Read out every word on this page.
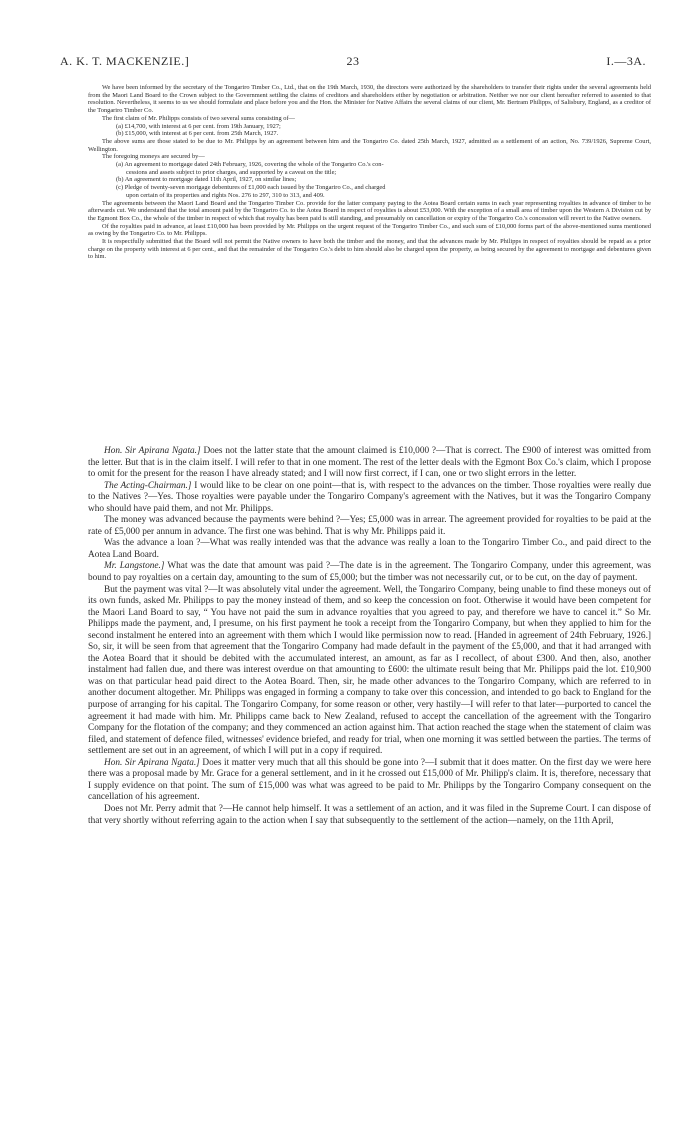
A. K. T. MACKENZIE.]	23	I.—3A.

We have been informed by the secretary of the Tongariro Timber Co., Ltd., that on the 19th March, 1930, the directors were authorized by the shareholders to transfer their rights under the several agreements held from the Maori Land Board to the Crown subject to the Government settling the claims of creditors and shareholders either by negotiation or arbitration. Neither we nor our client hereafter referred to assented to that resolution. Nevertheless, it seems to us we should formulate and place before you and the Hon. the Minister for Native Affairs the several claims of our client, Mr. Bertram Philipps, of Salisbury, England, as a creditor of the Tongariro Timber Co.

The first claim of Mr. Philipps consists of two several sums consisting of—

(a) £14,700, with interest at 6 per cent. from 19th January, 1927;

(b) £15,000, with interest at 6 per cent. from 25th March, 1927.

The above sums are those stated to be due to Mr. Philipps by an agreement between him and the Tongariro Co. dated 25th March, 1927, admitted as a settlement of an action, No. 739/1926, Supreme Court, Wellington.

The foregoing moneys are secured by—

(a) An agreement to mortgage dated 24th February, 1926, covering the whole of the Tongariro Co.'s con-
cessions and assets subject to prior charges, and supported by a caveat on the title;

(b) An agreement to mortgage dated 11th April, 1927, on similar lines;

(c) Pledge of twenty-seven mortgage debentures of £1,000 each issued by the Tongariro Co., and charged
upon certain of its properties and rights Nos. 276 to 297, 310 to 313, and 409.

The agreements between the Maori Land Board and the Tongariro Timber Co. provide for the latter company paying to the Aotea Board certain sums in each year representing royalties in advance of timber to be afterwards cut. We understand that the total amount paid by the Tongariro Co. to the Aotea Board in respect of royalties is about £53,000. With the exception of a small area of timber upon the Western A Division cut by the Egmont Box Co., the whole of the timber in respect of which that royalty has been paid is still standing, and presumably on cancellation or expiry of the Tongariro Co.'s concession will revert to the Native owners.

Of the royalties paid in advance, at least £10,000 has been provided by Mr. Philipps on the urgent request of the Tongariro Timber Co., and such sum of £10,000 forms part of the above-mentioned sums mentioned as owing by the Tongariro Co. to Mr. Philipps.

It is respectfully submitted that the Board will not permit the Native owners to have both the timber and the money, and that the advances made by Mr. Philipps in respect of royalties should be repaid as a prior charge on the property with interest at 6 per cent., and that the remainder of the Tongariro Co.'s debt to him should also be charged upon the property, as being secured by the agreement to mortgage and debentures given to him.

Hon. Sir Apirana Ngata.] Does not the latter state that the amount claimed is £10,000 ?—That is correct. The £900 of interest was omitted from the letter. But that is in the claim itself. I will refer to that in one moment. The rest of the letter deals with the Egmont Box Co.'s claim, which I propose to omit for the present for the reason I have already stated; and I will now first correct, if I can, one or two slight errors in the letter.

The Acting-Chairman.] I would like to be clear on one point—that is, with respect to the advances on the timber. Those royalties were really due to the Natives ?—Yes. Those royalties were payable under the Tongariro Company's agreement with the Natives, but it was the Tongariro Company who should have paid them, and not Mr. Philipps.

The money was advanced because the payments were behind ?—Yes; £5,000 was in arrear. The agreement provided for royalties to be paid at the rate of £5,000 per annum in advance. The first one was behind. That is why Mr. Philipps paid it.

Was the advance a loan ?—What was really intended was that the advance was really a loan to the Tongariro Timber Co., and paid direct to the Aotea Land Board.

Mr. Langstone.] What was the date that amount was paid ?—The date is in the agreement. The Tongariro Company, under this agreement, was bound to pay royalties on a certain day, amounting to the sum of £5,000; but the timber was not necessarily cut, or to be cut, on the day of payment.

But the payment was vital ?—It was absolutely vital under the agreement. Well, the Tongariro Company, being unable to find these moneys out of its own funds, asked Mr. Philipps to pay the money instead of them, and so keep the concession on foot. Otherwise it would have been competent for the Maori Land Board to say, “ You have not paid the sum in advance royalties that you agreed to pay, and therefore we have to cancel it.” So Mr. Philipps made the payment, and, I presume, on his first payment he took a receipt from the Tongariro Company, but when they applied to him for the second instalment he entered into an agreement with them which I would like permission now to read. [Handed in agreement of 24th February, 1926.] So, sir, it will be seen from that agreement that the Tongariro Company had made default in the payment of the £5,000, and that it had arranged with the Aotea Board that it should be debited with the accumulated interest, an amount, as far as I recollect, of about £300. And then, also, another instalment had fallen due, and there was interest overdue on that amounting to £600: the ultimate result being that Mr. Philipps paid the lot. £10,900 was on that particular head paid direct to the Aotea Board. Then, sir, he made other advances to the Tongariro Company, which are referred to in another document altogether. Mr. Philipps was engaged in forming a company to take over this concession, and intended to go back to England for the purpose of arranging for his capital. The Tongariro Company, for some reason or other, very hastily—I will refer to that later—purported to cancel the agreement it had made with him. Mr. Philipps came back to New Zealand, refused to accept the cancellation of the agreement with the Tongariro Company for the flotation of the company; and they commenced an action against him. That action reached the stage when the statement of claim was filed, and statement of defence filed, witnesses' evidence briefed, and ready for trial, when one morning it was settled between the parties. The terms of settlement are set out in an agreement, of which I will put in a copy if required.

Hon. Sir Apirana Ngata.] Does it matter very much that all this should be gone into ?—I submit that it does matter. On the first day we were here there was a proposal made by Mr. Grace for a general settlement, and in it he crossed out £15,000 of Mr. Philipp's claim. It is, therefore, necessary that I supply evidence on that point. The sum of £15,000 was what was agreed to be paid to Mr. Philipps by the Tongariro Company consequent on the cancellation of his agreement.

Does not Mr. Perry admit that ?—He cannot help himself. It was a settlement of an action, and it was filed in the Supreme Court. I can dispose of that very shortly without referring again to the action when I say that subsequently to the settlement of the action—namely, on the 11th April,
